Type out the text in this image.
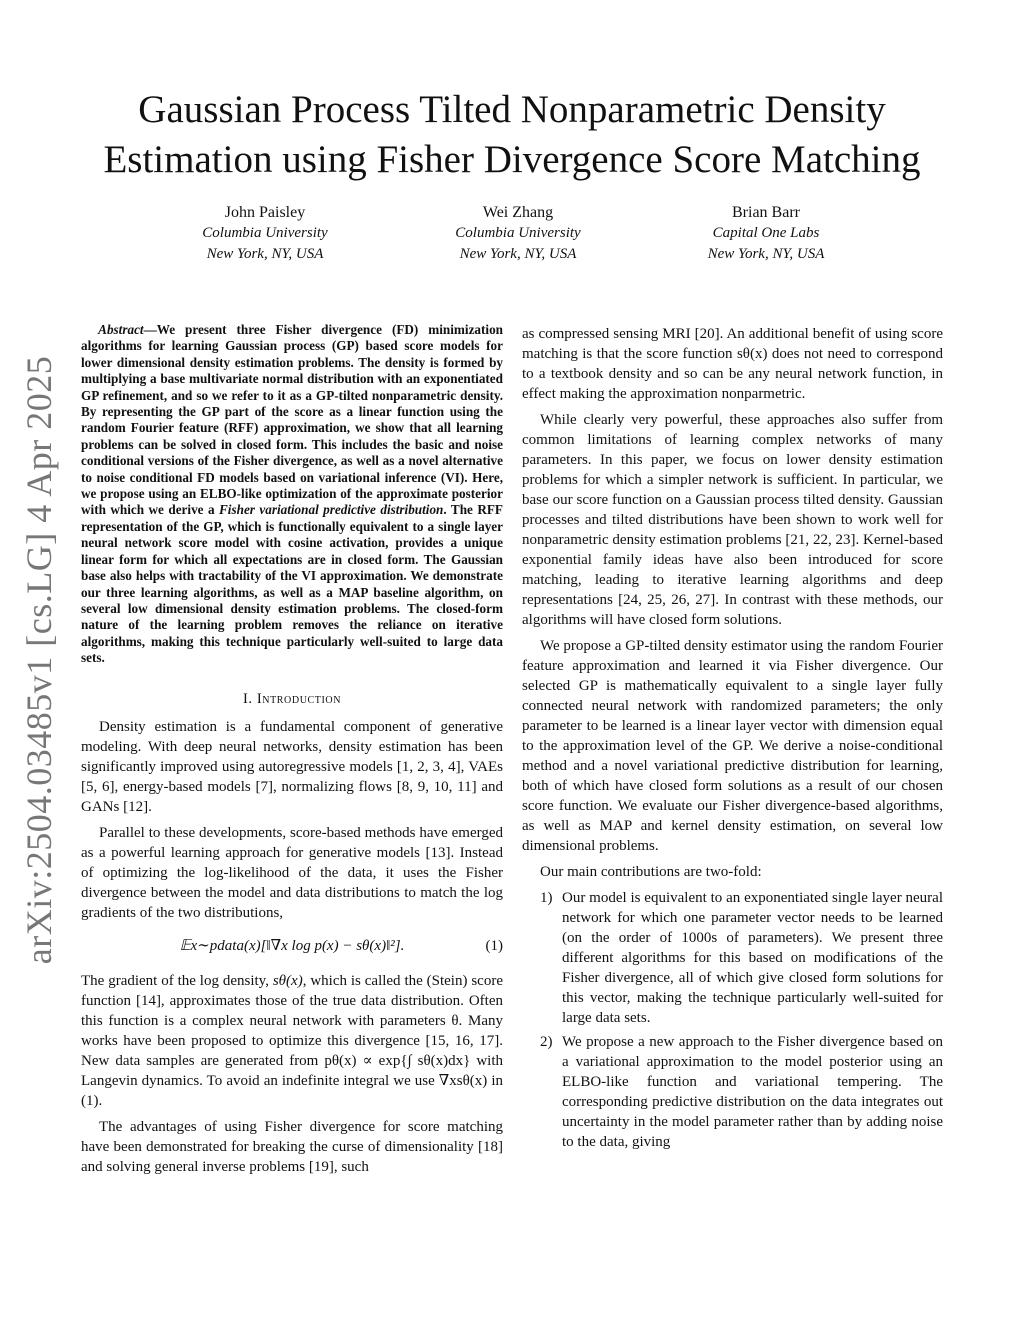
arXiv:2504.03485v1 [cs.LG] 4 Apr 2025
Gaussian Process Tilted Nonparametric Density Estimation using Fisher Divergence Score Matching
John Paisley
Columbia University
New York, NY, USA
Wei Zhang
Columbia University
New York, NY, USA
Brian Barr
Capital One Labs
New York, NY, USA

Abstract—We present three Fisher divergence (FD) minimization algorithms for learning Gaussian process (GP) based score models for lower dimensional density estimation problems. The density is formed by multiplying a base multivariate normal distribution with an exponentiated GP refinement, and so we refer to it as a GP-tilted nonparametric density. By representing the GP part of the score as a linear function using the random Fourier feature (RFF) approximation, we show that all learning problems can be solved in closed form. This includes the basic and noise conditional versions of the Fisher divergence, as well as a novel alternative to noise conditional FD models based on variational inference (VI). Here, we propose using an ELBO-like optimization of the approximate posterior with which we derive a Fisher variational predictive distribution. The RFF representation of the GP, which is functionally equivalent to a single layer neural network score model with cosine activation, provides a unique linear form for which all expectations are in closed form. The Gaussian base also helps with tractability of the VI approximation. We demonstrate our three learning algorithms, as well as a MAP baseline algorithm, on several low dimensional density estimation problems. The closed-form nature of the learning problem removes the reliance on iterative algorithms, making this technique particularly well-suited to large data sets.

I. Introduction

Density estimation is a fundamental component of generative modeling. With deep neural networks, density estimation has been significantly improved using autoregressive models [1, 2, 3, 4], VAEs [5, 6], energy-based models [7], normalizing flows [8, 9, 10, 11] and GANs [12].

Parallel to these developments, score-based methods have emerged as a powerful learning approach for generative models [13]. Instead of optimizing the log-likelihood of the data, it uses the Fisher divergence between the model and data distributions to match the log gradients of the two distributions,

𝔼x∼pdata(x)[‖∇x log p(x) − sθ(x)‖²].	(1)

The gradient of the log density, sθ(x), which is called the (Stein) score function [14], approximates those of the true data distribution. Often this function is a complex neural network with parameters θ. Many works have been proposed to optimize this divergence [15, 16, 17]. New data samples are generated from pθ(x) ∝ exp{∫ sθ(x)dx} with Langevin dynamics. To avoid an indefinite integral we use ∇xsθ(x) in (1).

The advantages of using Fisher divergence for score matching have been demonstrated for breaking the curse of dimensionality [18] and solving general inverse problems [19], such

as compressed sensing MRI [20]. An additional benefit of using score matching is that the score function sθ(x) does not need to correspond to a textbook density and so can be any neural network function, in effect making the approximation nonparmetric.

While clearly very powerful, these approaches also suffer from common limitations of learning complex networks of many parameters. In this paper, we focus on lower density estimation problems for which a simpler network is sufficient. In particular, we base our score function on a Gaussian process tilted density. Gaussian processes and tilted distributions have been shown to work well for nonparametric density estimation problems [21, 22, 23]. Kernel-based exponential family ideas have also been introduced for score matching, leading to iterative learning algorithms and deep representations [24, 25, 26, 27]. In contrast with these methods, our algorithms will have closed form solutions.

We propose a GP-tilted density estimator using the random Fourier feature approximation and learned it via Fisher divergence. Our selected GP is mathematically equivalent to a single layer fully connected neural network with randomized parameters; the only parameter to be learned is a linear layer vector with dimension equal to the approximation level of the GP. We derive a noise-conditional method and a novel variational predictive distribution for learning, both of which have closed form solutions as a result of our chosen score function. We evaluate our Fisher divergence-based algorithms, as well as MAP and kernel density estimation, on several low dimensional problems.

Our main contributions are two-fold:

1) Our model is equivalent to an exponentiated single layer neural network for which one parameter vector needs to be learned (on the order of 1000s of parameters). We present three different algorithms for this based on modifications of the Fisher divergence, all of which give closed form solutions for this vector, making the technique particularly well-suited for large data sets.
2) We propose a new approach to the Fisher divergence based on a variational approximation to the model posterior using an ELBO-like function and variational tempering. The corresponding predictive distribution on the data integrates out uncertainty in the model parameter rather than by adding noise to the data, giving
